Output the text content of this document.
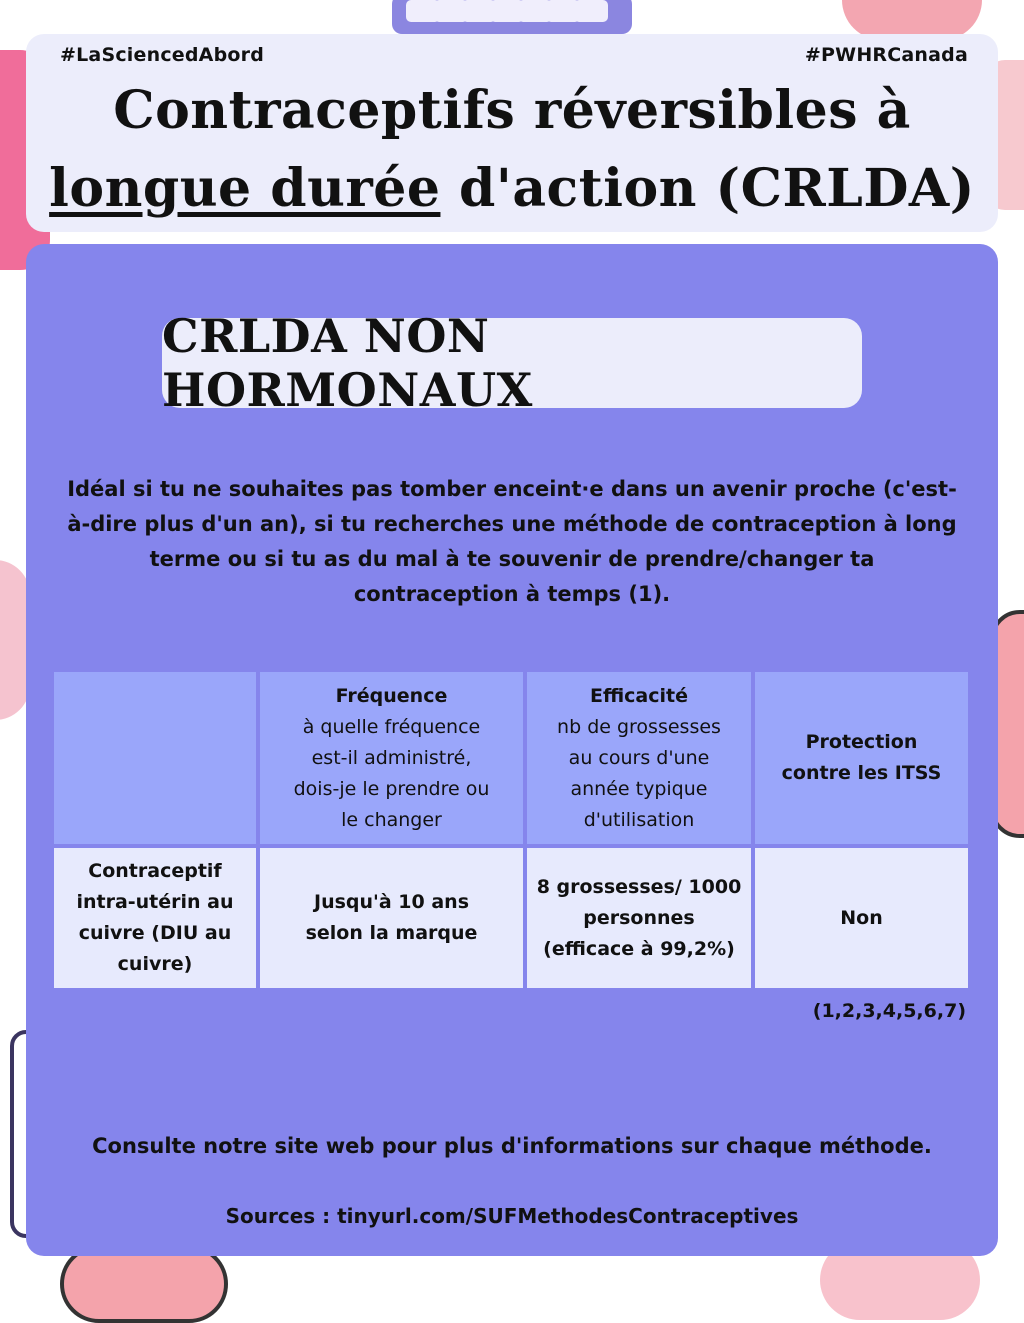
#LaSciencedAbord	#PWHRCanada
Contraceptifs réversibles à
longue durée d'action (CRLDA)
CRLDA NON HORMONAUX

Idéal si tu ne souhaites pas tomber enceint·e dans un avenir proche (c'est-à-dire plus d'un an), si tu recherches une méthode de contraception à long terme ou si tu as du mal à te souvenir de prendre/changer ta contraception à temps (1).

Fréquence
à quelle fréquence est-il administré, dois-je le prendre ou le changer
Efficacité
nb de grossesses au cours d'une année typique d'utilisation
Protection contre les ITSS
Contraceptif intra-utérin au cuivre (DIU au cuivre)
Jusqu'à 10 ans selon la marque
8 grossesses/ 1000 personnes (efficace à 99,2%)
Non
(1,2,3,4,5,6,7)
Consulte notre site web pour plus d'informations sur chaque méthode.
Sources : tinyurl.com/SUFMethodesContraceptives
